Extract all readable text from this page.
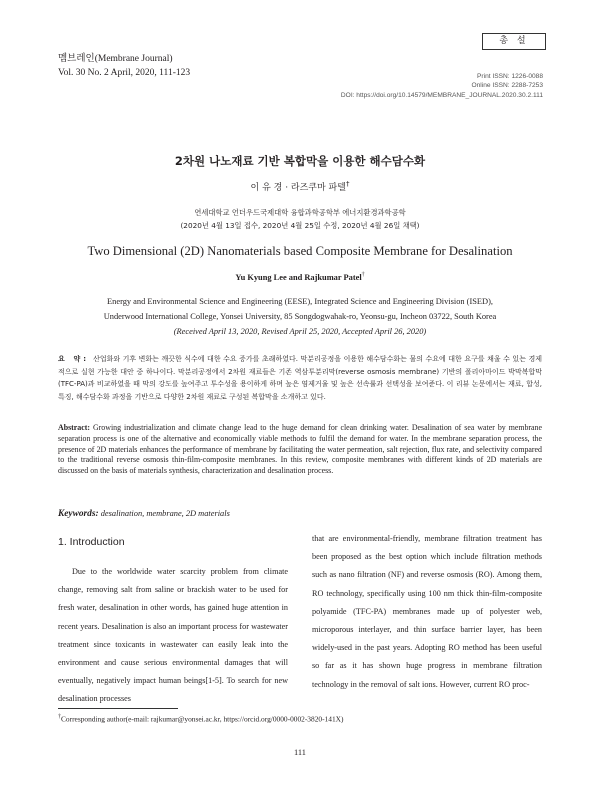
멤브레인(Membrane Journal)
Vol. 30 No. 2 April, 2020, 111-123
총 설
Print ISSN: 1226-0088
Online ISSN: 2288-7253
DOI: https://doi.org/10.14579/MEMBRANE_JOURNAL.2020.30.2.111
2차원 나노재료 기반 복합막을 이용한 해수담수화
이 유 경 · 라즈쿠마 파텔†
연세대학교 언더우드국제대학 융합과학공학부 에너지환경과학공학
(2020년 4월 13일 접수, 2020년 4월 25일 수정, 2020년 4월 26일 채택)
Two Dimensional (2D) Nanomaterials based Composite Membrane for Desalination
Yu Kyung Lee and Rajkumar Patel†
Energy and Environmental Science and Engineering (EESE), Integrated Science and Engineering Division (ISED),
Underwood International College, Yonsei University, 85 Songdogwahak-ro, Yeonsu-gu, Incheon 03722, South Korea
(Received April 13, 2020, Revised April 25, 2020, Accepted April 26, 2020)
요 약: 산업화와 기후 변화는 깨끗한 식수에 대한 수요 증가를 초래하였다. 막분리공정을 이용한 해수담수화는 물의 수요에 대한 요구를 채울 수 있는 경제적으로 실현 가능한 대안 중 하나이다. 막분리공정에서 2차원 재료들은 기존 역삼투분리막(reverse osmosis membrane) 기반의 폴리아마이드 박막복합막(TFC-PA)과 비교하였을 때 막의 강도를 높여주고 투수성을 용이하게 하며 높은 염제거율 및 높은 선속률과 선택성을 보여준다. 이 리뷰 논문에서는 재료, 합성, 특징, 해수담수화 과정을 기반으로 다양한 2차원 재료로 구성된 복합막을 소개하고 있다.
Abstract: Growing industrialization and climate change lead to the huge demand for clean drinking water. Desalination of sea water by membrane separation process is one of the alternative and economically viable methods to fulfil the demand for water. In the membrane separation process, the presence of 2D materials enhances the performance of membrane by facilitating the water permeation, salt rejection, flux rate, and selectivity compared to the traditional reverse osmosis thin-film-composite membranes. In this review, composite membranes with different kinds of 2D materials are discussed on the basis of materials synthesis, characterization and desalination process.
Keywords: desalination, membrane, 2D materials
1. Introduction

Due to the worldwide water scarcity problem from climate change, removing salt from saline or brackish water to be used for fresh water, desalination in other words, has gained huge attention in recent years. Desalination is also an important process for wastewater treatment since toxicants in wastewater can easily leak into the environment and cause serious environmental damages that will eventually, negatively impact human beings[1-5]. To search for new desalination processes

that are environmental-friendly, membrane filtration treatment has been proposed as the best option which include filtration methods such as nano filtration (NF) and reverse osmosis (RO). Among them, RO technology, specifically using 100 nm thick thin-film-composite polyamide (TFC-PA) membranes made up of polyester web, microporous interlayer, and thin surface barrier layer, has been widely-used in the past years. Adopting RO method has been useful so far as it has shown huge progress in membrane filtration technology in the removal of salt ions. However, current RO proc-

†Corresponding author(e-mail: rajkumar@yonsei.ac.kr, https://orcid.org/0000-0002-3820-141X)
111
